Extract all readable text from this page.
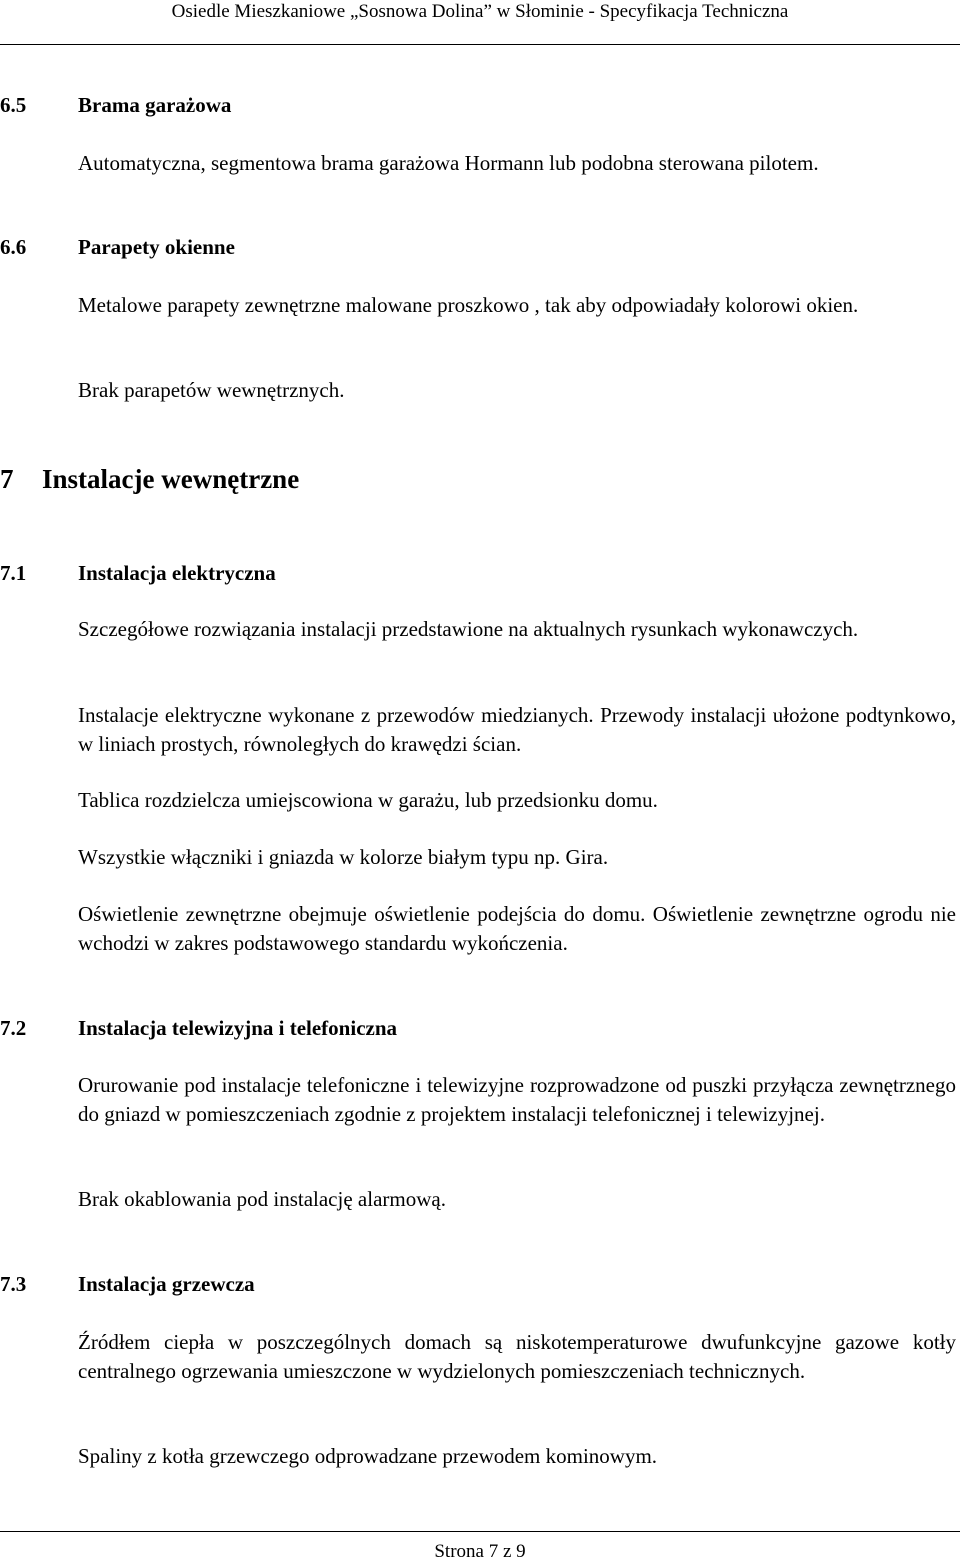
Osiedle Mieszkaniowe „Sosnowa Dolina” w Słominie - Specyfikacja Techniczna
6.5 Brama garażowa

Automatyczna, segmentowa brama garażowa Hormann lub podobna sterowana pilotem.

6.6 Parapety okienne

Metalowe parapety zewnętrzne malowane proszkowo , tak aby odpowiadały kolorowi okien.

Brak parapetów wewnętrznych.

7 Instalacje wewnętrzne
7.1 Instalacja elektryczna

Szczegółowe rozwiązania instalacji przedstawione na aktualnych rysunkach wykonawczych.

Instalacje elektryczne wykonane z przewodów miedzianych. Przewody instalacji ułożone podtynkowo, w liniach prostych, równoległych do krawędzi ścian.

Tablica rozdzielcza umiejscowiona w garażu, lub przedsionku domu.

Wszystkie włączniki i gniazda w kolorze białym typu np. Gira.

Oświetlenie zewnętrzne obejmuje oświetlenie podejścia do domu. Oświetlenie zewnętrzne ogrodu nie wchodzi w zakres podstawowego standardu wykończenia.

7.2 Instalacja telewizyjna i telefoniczna

Orurowanie pod instalacje telefoniczne i telewizyjne rozprowadzone od puszki przyłącza zewnętrznego do gniazd w pomieszczeniach zgodnie z projektem instalacji telefonicznej i telewizyjnej.

Brak okablowania pod instalację alarmową.

7.3 Instalacja grzewcza

Źródłem ciepła w poszczególnych domach są niskotemperaturowe dwufunkcyjne gazowe kotły centralnego ogrzewania umieszczone w wydzielonych pomieszczeniach technicznych.

Spaliny z kotła grzewczego odprowadzane przewodem kominowym.

Strona 7 z 9
